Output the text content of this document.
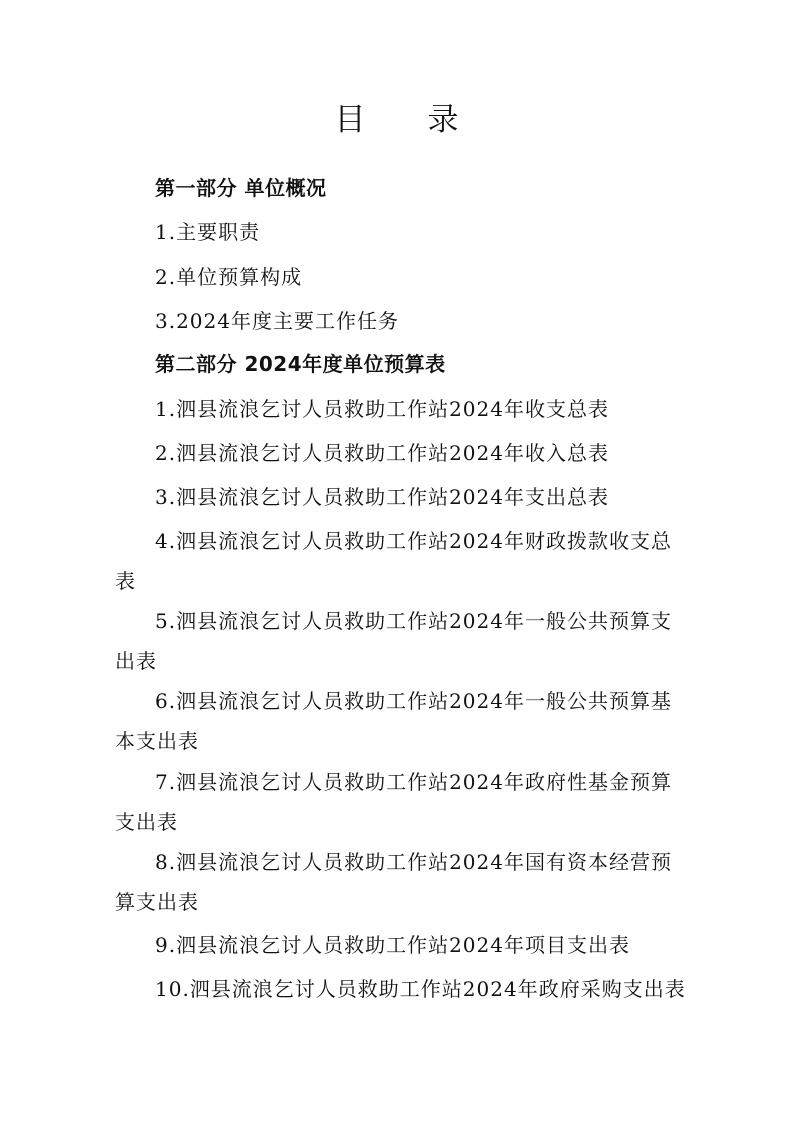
目录
第一部分 单位概况
1.主要职责
2.单位预算构成
3.2024年度主要工作任务
第二部分 2024年度单位预算表
1.泗县流浪乞讨人员救助工作站2024年收支总表
2.泗县流浪乞讨人员救助工作站2024年收入总表
3.泗县流浪乞讨人员救助工作站2024年支出总表

4.泗县流浪乞讨人员救助工作站2024年财政拨款收支总表

5.泗县流浪乞讨人员救助工作站2024年一般公共预算支出表

6.泗县流浪乞讨人员救助工作站2024年一般公共预算基本支出表

7.泗县流浪乞讨人员救助工作站2024年政府性基金预算支出表

8.泗县流浪乞讨人员救助工作站2024年国有资本经营预算支出表

9.泗县流浪乞讨人员救助工作站2024年项目支出表
10.泗县流浪乞讨人员救助工作站2024年政府采购支出表
